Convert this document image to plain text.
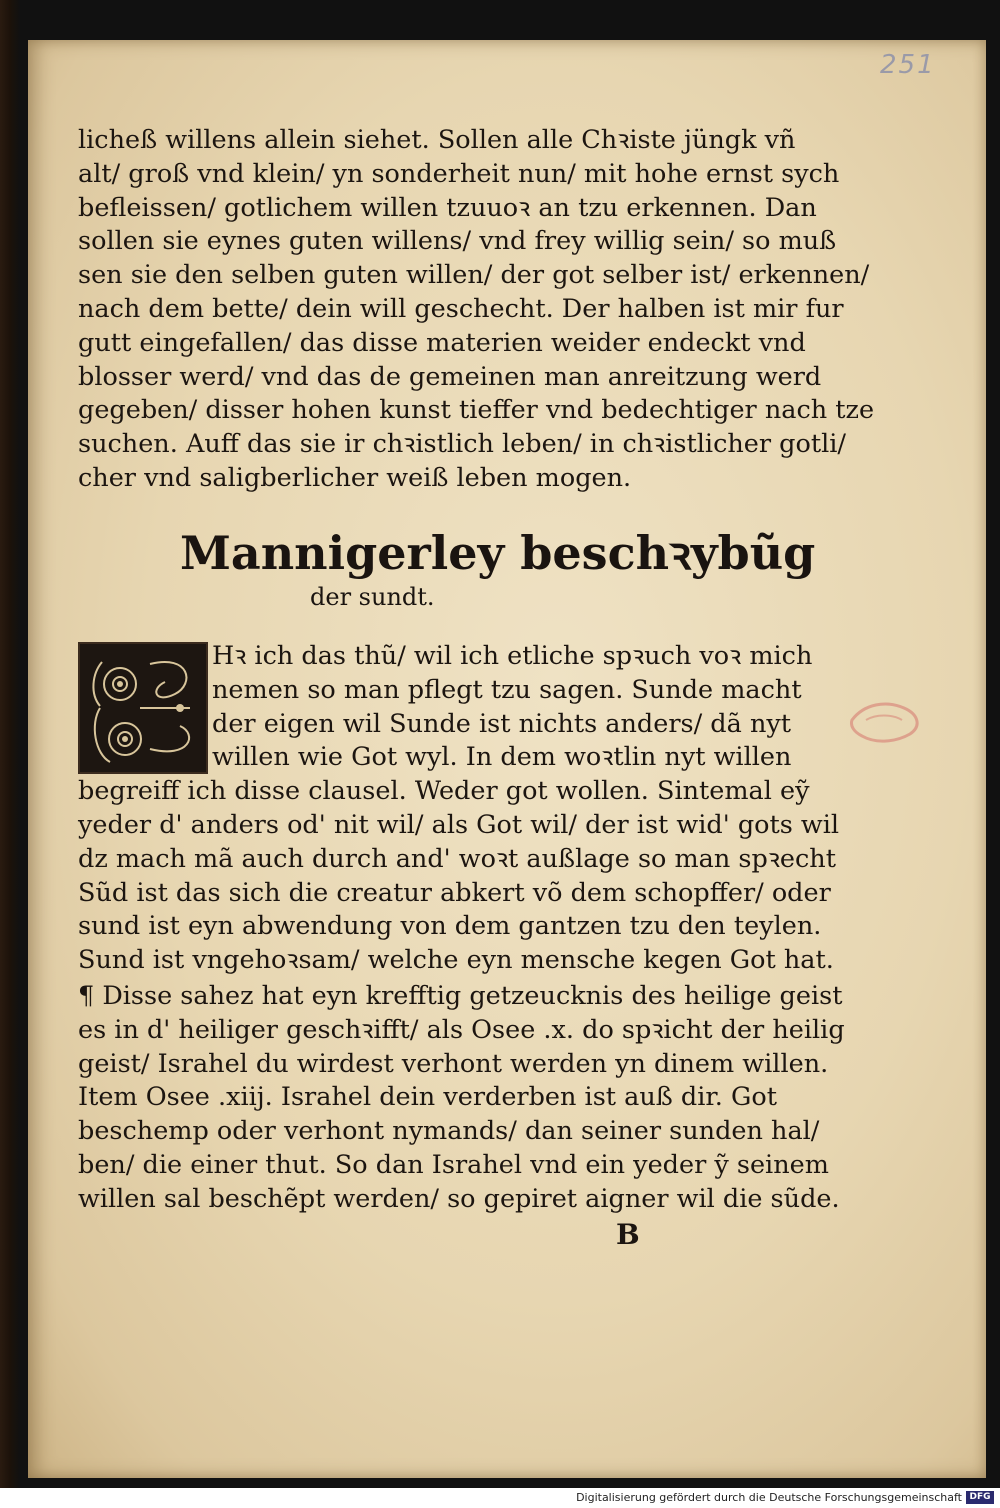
251
lichеß willens allein siehet. Sollen alle Chꝛiste jüngk vñ
alt/ groß vnd klein/ yn sonderheit nun/ mit hohe ernst sych
befleissen/ gotlichem willen tzuuoꝛ an tzu erkennen. Dan
sollen sie eynes guten willens/ vnd frey willig sein/ so muß
sen sie den selben guten willen/ der got selber ist/ erkennen/
nach dem bette/ dein will geschecht. Der halben ist mir fur
gutt eingefallen/ das disse materien weider endeckt vnd
blosser werd/ vnd das de gemeinen man anreitzung werd
gegeben/ disser hohen kunst tieffer vnd bedechtiger nach tze
suchen. Auff das sie ir chꝛistlich leben/ in chꝛistlicher gotli/
cher vnd saligberlicher weiß leben mogen.
Mannigerley beschꝛybũg
der sundt.
Hꝛ ich das thũ/ wil ich etliche spꝛuch voꝛ mich
nemen so man pflegt tzu sagen. Sunde macht
der eigen wil Sunde ist nichts anders/ dã nyt
willen wie Got wyl. In dem woꝛtlin nyt willen
begreiff ich disse clausel. Weder got wollen. Sintemal eỹ
yeder d' anders od' nit wil/ als Got wil/ der ist wid' gots wil
dz mach mã auch durch and' woꝛt außlage so man spꝛecht
Sũd ist das sich die creatur abkert võ dem schopffer/ oder
sund ist eyn abwendung von dem gantzen tzu den teylen.
Sund ist vngehoꝛsam/ welche eyn mensche kegen Got hat.
¶ Disse sahez hat eyn krefftig getzeucknis des heilige geist
es in d' heiliger geschꝛifft/ als Osee .x. do spꝛicht der heilig
geist/ Israhel du wirdest verhont werden yn dinem willen.
Item Osee .xiij. Israhel dein verderben ist auß dir. Got
beschemp oder verhont nymands/ dan seiner sunden hal/
ben/ die einer thut. So dan Israhel vnd ein yeder ỹ seinem
willen sal beschẽpt werden/ so gepiret aigner wil die sũde.
B
Digitalisierung gefördert durch die Deutsche Forschungsgemeinschaft DFG
